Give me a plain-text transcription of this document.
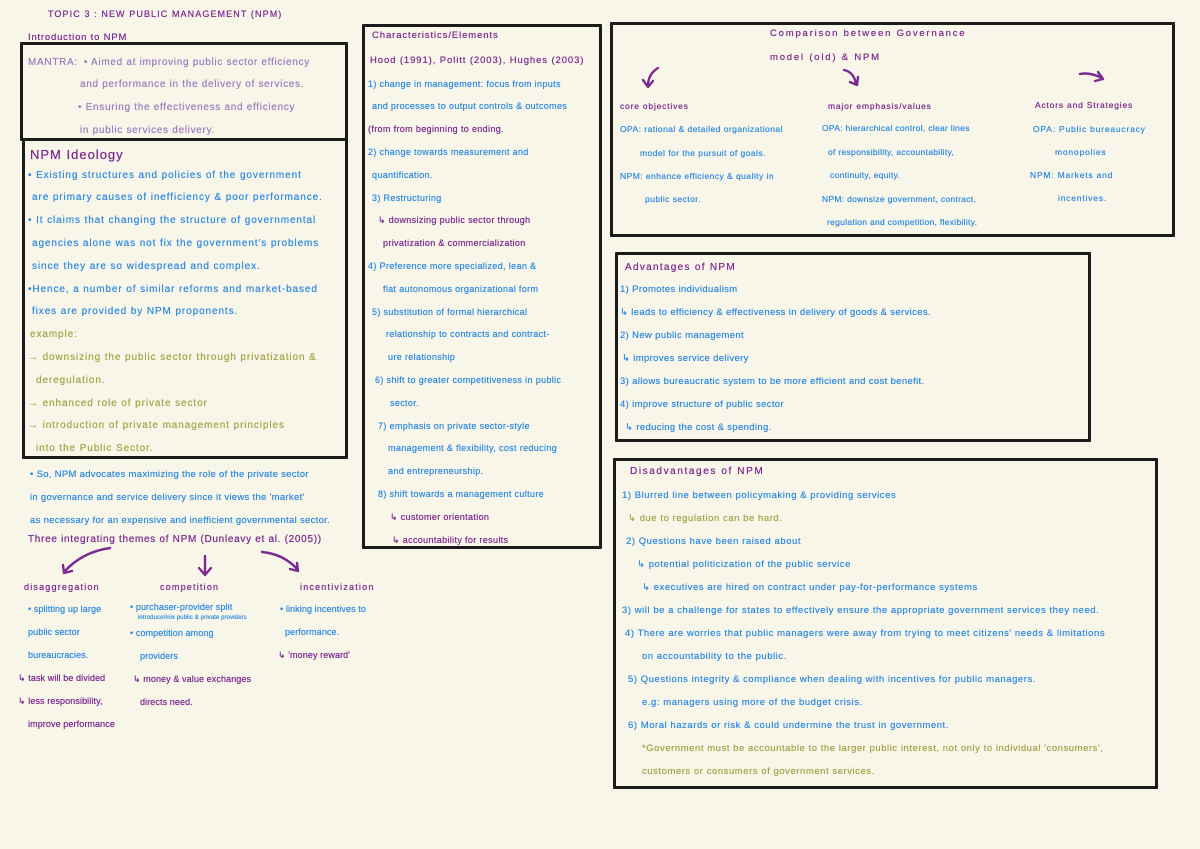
TOPIC 3 : NEW PUBLIC MANAGEMENT (NPM)
Introduction to NPM
MANTRA: • Aimed at improving public sector efficiency
and performance in the delivery of services.
• Ensuring the effectiveness and efficiency
in public services delivery.
NPM Ideology
• Existing structures and policies of the government
are primary causes of inefficiency & poor performance.
• It claims that changing the structure of governmental
agencies alone was not fix the government's problems
since they are so widespread and complex.
•Hence, a number of similar reforms and market-based
fixes are provided by NPM proponents.
example:
→ downsizing the public sector through privatization &
deregulation.
→ enhanced role of private sector
→ introduction of private management principles
into the Public Sector.
• So, NPM advocates maximizing the role of the private sector
in governance and service delivery since it views the 'market'
as necessary for an expensive and inefficient governmental sector.
Three integrating themes of NPM (Dunleavy et al. (2005))
disaggregation
• splitting up large
public sector
bureaucracies.
↳ task will be divided
↳ less responsibility,
improve performance
competition
• purchaser-provider split
introduce/mix public & private providers
• competition among
providers
↳ money & value exchanges
directs need.
incentivization
• linking incentives to
performance.
↳ 'money reward'
Characteristics/Elements
Hood (1991), Politt (2003), Hughes (2003)
1) change in management: focus from inputs
and processes to output controls & outcomes
(from from beginning to ending.
2) change towards measurement and
quantification.
3) Restructuring
↳ downsizing public sector through
privatization & commercialization
4) Preference more specialized, lean &
flat autonomous organizational form
5) substitution of formal hierarchical
relationship to contracts and contract-
ure relationship
6) shift to greater competitiveness in public
sector.
7) emphasis on private sector-style
management & flexibility, cost reducing
and entrepreneurship.
8) shift towards a management culture
↳ customer orientation
↳ accountability for results
Comparison between Governance
model (old) & NPM
core objectives
OPA: rational & detailed organizational
model for the pursuit of goals.
NPM: enhance efficiency & quality in
public sector.
major emphasis/values
OPA: hierarchical control, clear lines
of responsibility, accountability,
continuity, equity.
NPM: downsize government, contract,
regulation and competition, flexibility.
Actors and Strategies
OPA: Public bureaucracy
monopolies
NPM: Markets and
incentives.
Advantages of NPM
1) Promotes individualism
↳ leads to efficiency & effectiveness in delivery of goods & services.
2) New public management
↳ improves service delivery
3) allows bureaucratic system to be more efficient and cost benefit.
4) improve structure of public sector
↳ reducing the cost & spending.
Disadvantages of NPM
1) Blurred line between policymaking & providing services
↳ due to regulation can be hard.
2) Questions have been raised about
↳ potential politicization of the public service
↳ executives are hired on contract under pay-for-performance systems
3) will be a challenge for states to effectively ensure the appropriate government services they need.
4) There are worries that public managers were away from trying to meet citizens' needs & limitations
on accountability to the public.
5) Questions integrity & compliance when dealing with incentives for public managers.
e.g: managers using more of the budget crisis.
6) Moral hazards or risk & could undermine the trust in government.
*Government must be accountable to the larger public interest, not only to individual 'consumers',
customers or consumers of government services.
